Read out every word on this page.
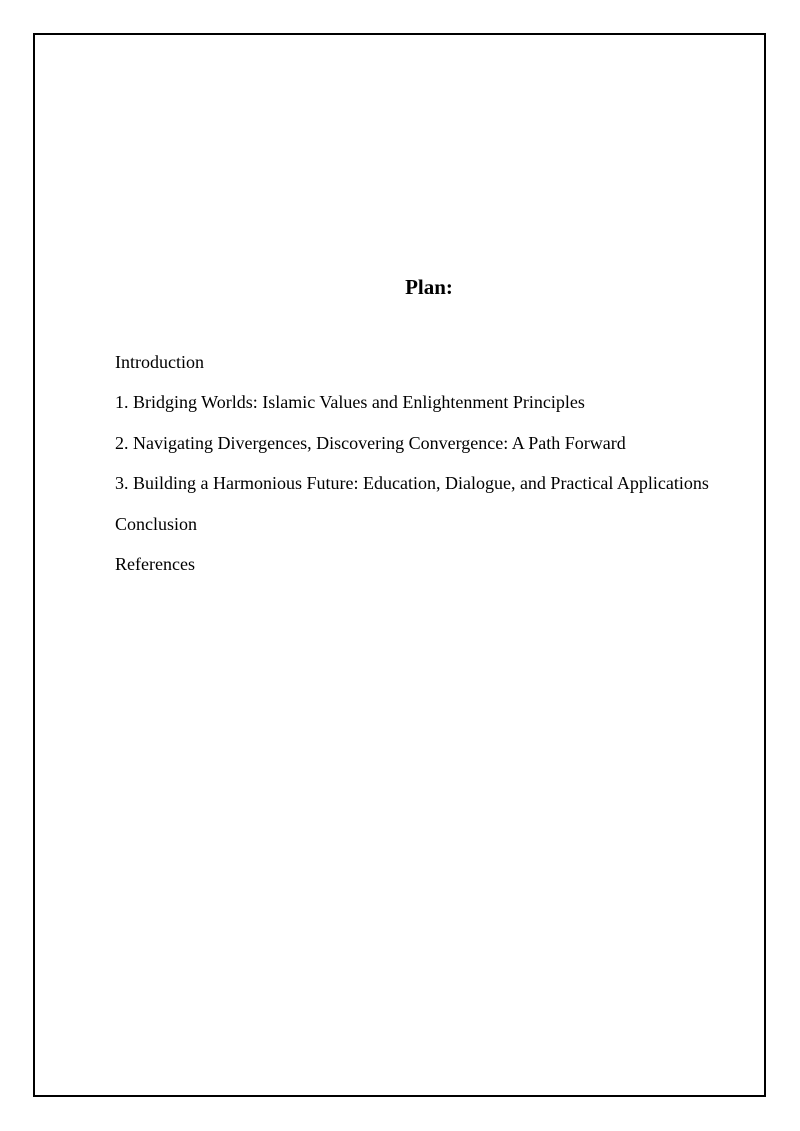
Plan:
Introduction
1. Bridging Worlds: Islamic Values and Enlightenment Principles
2. Navigating Divergences, Discovering Convergence: A Path Forward
3. Building a Harmonious Future: Education, Dialogue, and Practical Applications
Conclusion
References
